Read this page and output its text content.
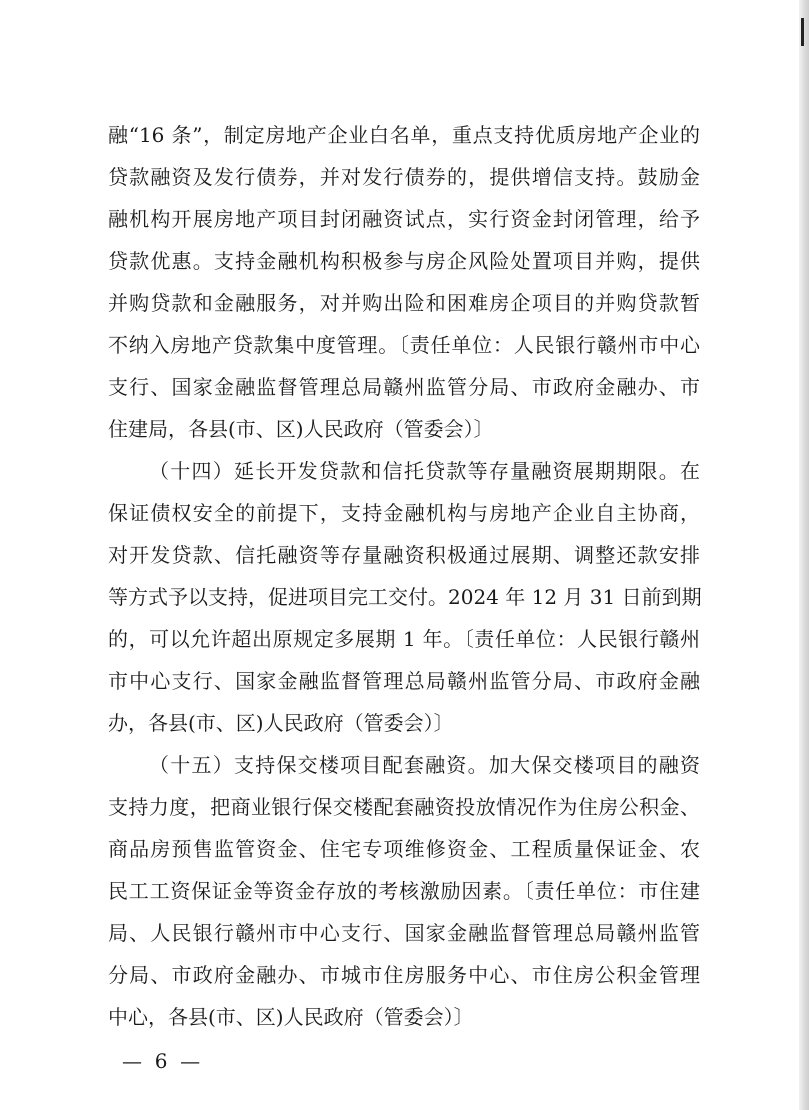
融“16 条”，制定房地产企业白名单，重点支持优质房地产企业的
贷款融资及发行债券，并对发行债券的，提供增信支持。鼓励金
融机构开展房地产项目封闭融资试点，实行资金封闭管理，给予
贷款优惠。支持金融机构积极参与房企风险处置项目并购，提供
并购贷款和金融服务，对并购出险和困难房企项目的并购贷款暂
不纳入房地产贷款集中度管理。〔责任单位：人民银行赣州市中心
支行、国家金融监督管理总局赣州监管分局、市政府金融办、市
住建局，各县(市、区)人民政府（管委会）〕
（十四）延长开发贷款和信托贷款等存量融资展期期限。在
保证债权安全的前提下，支持金融机构与房地产企业自主协商，
对开发贷款、信托融资等存量融资积极通过展期、调整还款安排
等方式予以支持，促进项目完工交付。2024 年 12 月 31 日前到期
的，可以允许超出原规定多展期 1 年。〔责任单位：人民银行赣州
市中心支行、国家金融监督管理总局赣州监管分局、市政府金融
办，各县(市、区)人民政府（管委会）〕
（十五）支持保交楼项目配套融资。加大保交楼项目的融资
支持力度，把商业银行保交楼配套融资投放情况作为住房公积金、
商品房预售监管资金、住宅专项维修资金、工程质量保证金、农
民工工资保证金等资金存放的考核激励因素。〔责任单位：市住建
局、人民银行赣州市中心支行、国家金融监督管理总局赣州监管
分局、市政府金融办、市城市住房服务中心、市住房公积金管理
中心，各县(市、区)人民政府（管委会）〕
—  6  —
